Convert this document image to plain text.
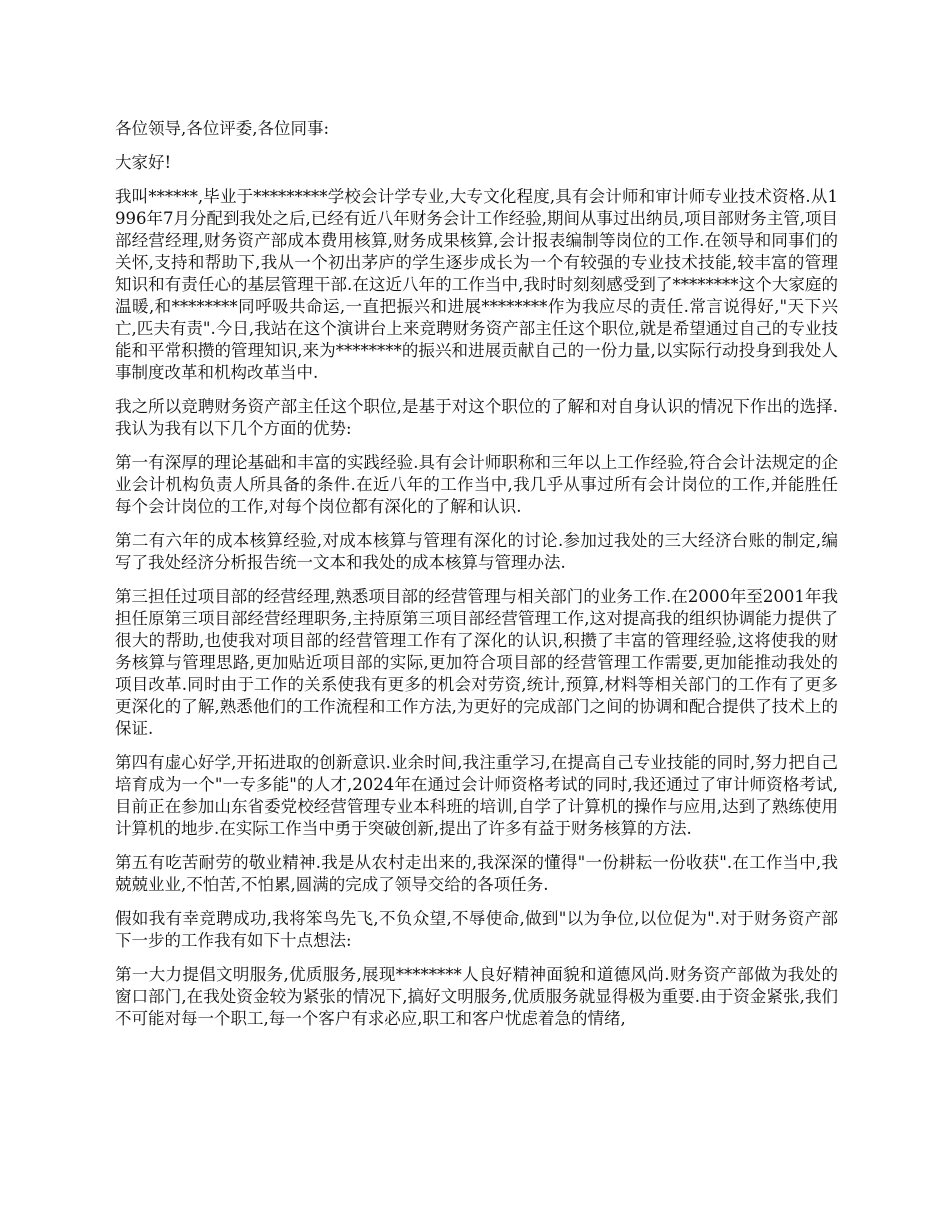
各位领导,各位评委,各位同事:

大家好!

我叫******,毕业于*********学校会计学专业,大专文化程度,具有会计师和审计师专业技术资格.从1996年7月分配到我处之后,已经有近八年财务会计工作经验,期间从事过出纳员,项目部财务主管,项目部经营经理,财务资产部成本费用核算,财务成果核算,会计报表编制等岗位的工作.在领导和同事们的关怀,支持和帮助下,我从一个初出茅庐的学生逐步成长为一个有较强的专业技术技能,较丰富的管理知识和有责任心的基层管理干部.在这近八年的工作当中,我时时刻刻感受到了********这个大家庭的温暖,和********同呼吸共命运,一直把振兴和进展********作为我应尽的责任.常言说得好,"天下兴亡,匹夫有责".今日,我站在这个演讲台上来竞聘财务资产部主任这个职位,就是希望通过自己的专业技能和平常积攒的管理知识,来为********的振兴和进展贡献自己的一份力量,以实际行动投身到我处人事制度改革和机构改革当中.

我之所以竞聘财务资产部主任这个职位,是基于对这个职位的了解和对自身认识的情况下作出的选择.我认为我有以下几个方面的优势:

第一有深厚的理论基础和丰富的实践经验.具有会计师职称和三年以上工作经验,符合会计法规定的企业会计机构负责人所具备的条件.在近八年的工作当中,我几乎从事过所有会计岗位的工作,并能胜任每个会计岗位的工作,对每个岗位都有深化的了解和认识.

第二有六年的成本核算经验,对成本核算与管理有深化的讨论.参加过我处的三大经济台账的制定,编写了我处经济分析报告统一文本和我处的成本核算与管理办法.

第三担任过项目部的经营经理,熟悉项目部的经营管理与相关部门的业务工作.在2000年至2001年我担任原第三项目部经营经理职务,主持原第三项目部经营管理工作,这对提高我的组织协调能力提供了很大的帮助,也使我对项目部的经营管理工作有了深化的认识,积攒了丰富的管理经验,这将使我的财务核算与管理思路,更加贴近项目部的实际,更加符合项目部的经营管理工作需要,更加能推动我处的项目改革.同时由于工作的关系使我有更多的机会对劳资,统计,预算,材料等相关部门的工作有了更多更深化的了解,熟悉他们的工作流程和工作方法,为更好的完成部门之间的协调和配合提供了技术上的保证.

第四有虚心好学,开拓进取的创新意识.业余时间,我注重学习,在提高自己专业技能的同时,努力把自己培育成为一个"一专多能"的人才,2024年在通过会计师资格考试的同时,我还通过了审计师资格考试,目前正在参加山东省委党校经营管理专业本科班的培训,自学了计算机的操作与应用,达到了熟练使用计算机的地步.在实际工作当中勇于突破创新,提出了许多有益于财务核算的方法.

第五有吃苦耐劳的敬业精神.我是从农村走出来的,我深深的懂得"一份耕耘一份收获".在工作当中,我兢兢业业,不怕苦,不怕累,圆满的完成了领导交给的各项任务.

假如我有幸竞聘成功,我将笨鸟先飞,不负众望,不辱使命,做到"以为争位,以位促为".对于财务资产部下一步的工作我有如下十点想法:

第一大力提倡文明服务,优质服务,展现********人良好精神面貌和道德风尚.财务资产部做为我处的窗口部门,在我处资金较为紧张的情况下,搞好文明服务,优质服务就显得极为重要.由于资金紧张,我们不可能对每一个职工,每一个客户有求必应,职工和客户忧虑着急的情绪,
